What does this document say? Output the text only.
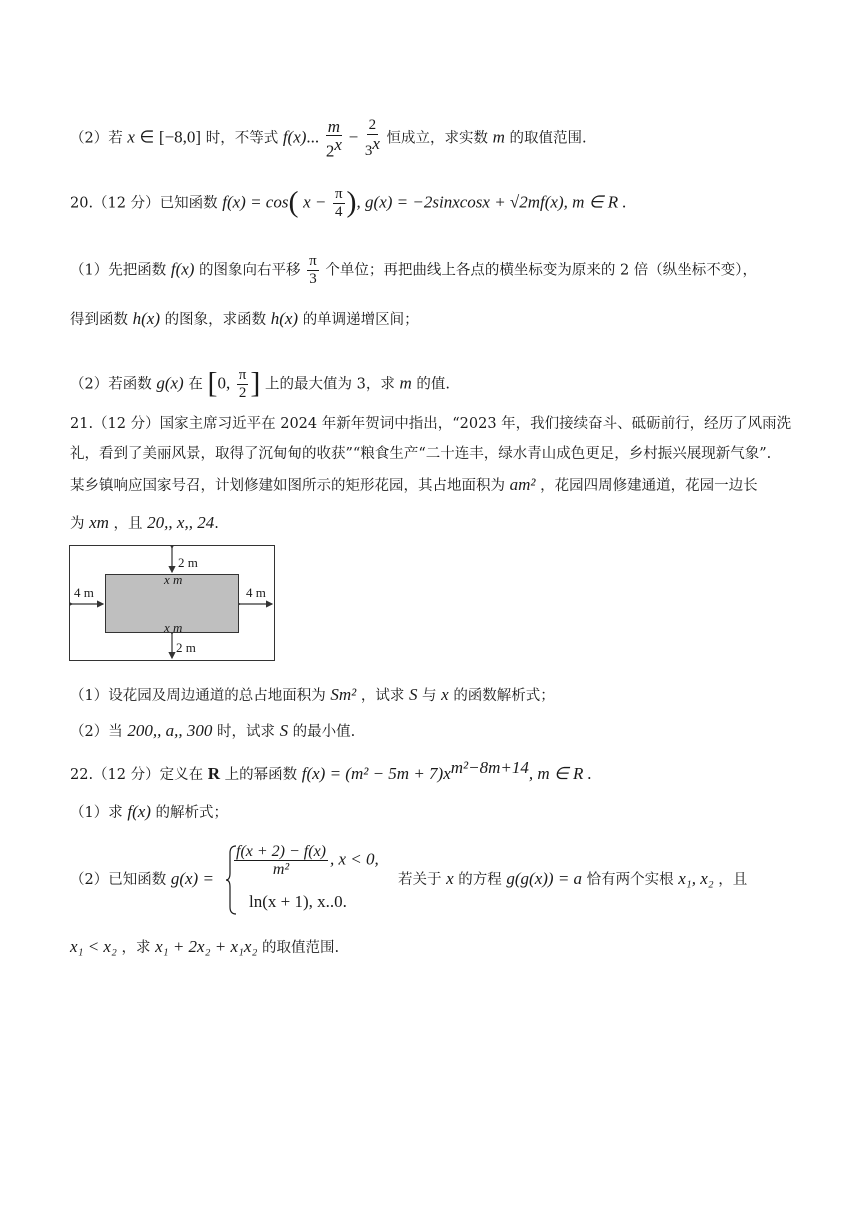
（2）若 x ∈ [−8,0] 时，不等式 f(x)... $\frac{m}{2^x} - \frac{2}{3^x}$ 恒成立，求实数 m 的取值范围.
20.（12 分）已知函数 f(x) = cos( $x - \frac{\pi}{4}$ ), g(x) = −2sinxcosx + √2mf(x), m ∈ R .
（1）先把函数 f(x) 的图象向右平移 $\frac{\pi}{3}$ 个单位；再把曲线上各点的横坐标变为原来的 2 倍（纵坐标不变），
得到函数 h(x) 的图象，求函数 h(x) 的单调递增区间；
（2）若函数 g(x) 在 [0, $\frac{\pi}{2}$ ] 上的最大值为 3，求 m 的值.
21.（12 分）国家主席习近平在 2024 年新年贺词中指出，“2023 年，我们接续奋斗、砥砺前行，经历了风雨洗
礼，看到了美丽风景，取得了沉甸甸的收获”“粮食生产“二十连丰，绿水青山成色更足，乡村振兴展现新气象”.
某乡镇响应国家号召，计划修建如图所示的矩形花园，其占地面积为 am² ，花园四周修建通道，花园一边长
为 xm ，且 20,, x,, 24.
2 m
2 m
4 m	4 m
x m
x m
（1）设花园及周边通道的总占地面积为 Sm² ，试求 S 与 x 的函数解析式；
（2）当 200,, a,, 300 时，试求 S 的最小值.
22.（12 分）定义在 R 上的幂函数 $f(x) = (m^2 - 5m + 7)x^{m^2-8m+14}$, m ∈ R .
（1）求 f(x) 的解析式；
（2）已知函数 g(x) =
$\frac{f(x + 2) - f(x)}{\text{m²}}$ , x < 0,
ln(x + 1), x..0.
若关于 x 的方程 g(g(x)) = a 恰有两个实根 x₁, x₂ ，且
x₁ < x₂ ，求 x₁ + 2x₂ + x₁x₂ 的取值范围.
